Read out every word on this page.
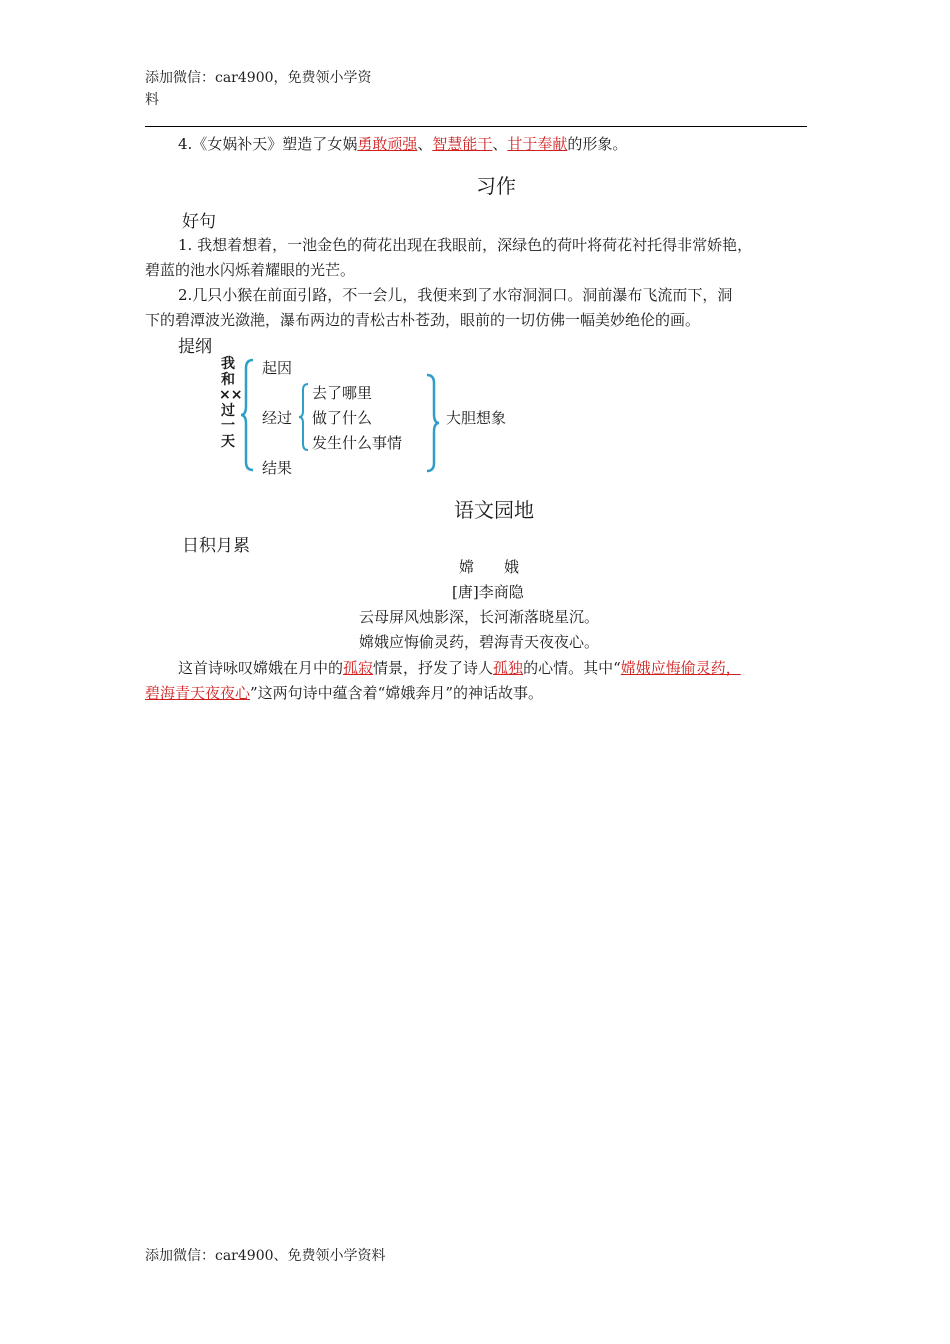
添加微信：car4900，免费领小学资
料
4.《女娲补天》塑造了女娲勇敢顽强、智慧能干、甘于奉献的形象。
习作
好句
1. 我想着想着，一池金色的荷花出现在我眼前，深绿色的荷叶将荷花衬托得非常娇艳，
碧蓝的池水闪烁着耀眼的光芒。
2.几只小猴在前面引路，不一会儿，我便来到了水帘洞洞口。洞前瀑布飞流而下，洞
下的碧潭波光潋滟，瀑布两边的青松古朴苍劲，眼前的一切仿佛一幅美妙绝伦的画。
提纲
我和××过一天
起因
经过
去了哪里
做了什么
发生什么事情
大胆想象
结果
语文园地
日积月累
嫦　　娥
[唐]李商隐
云母屏风烛影深，长河渐落晓星沉。
嫦娥应悔偷灵药，碧海青天夜夜心。
这首诗咏叹嫦娥在月中的孤寂情景，抒发了诗人孤独的心情。其中“嫦娥应悔偷灵药，
碧海青天夜夜心”这两句诗中蕴含着“嫦娥奔月”的神话故事。
添加微信：car4900、免费领小学资料
